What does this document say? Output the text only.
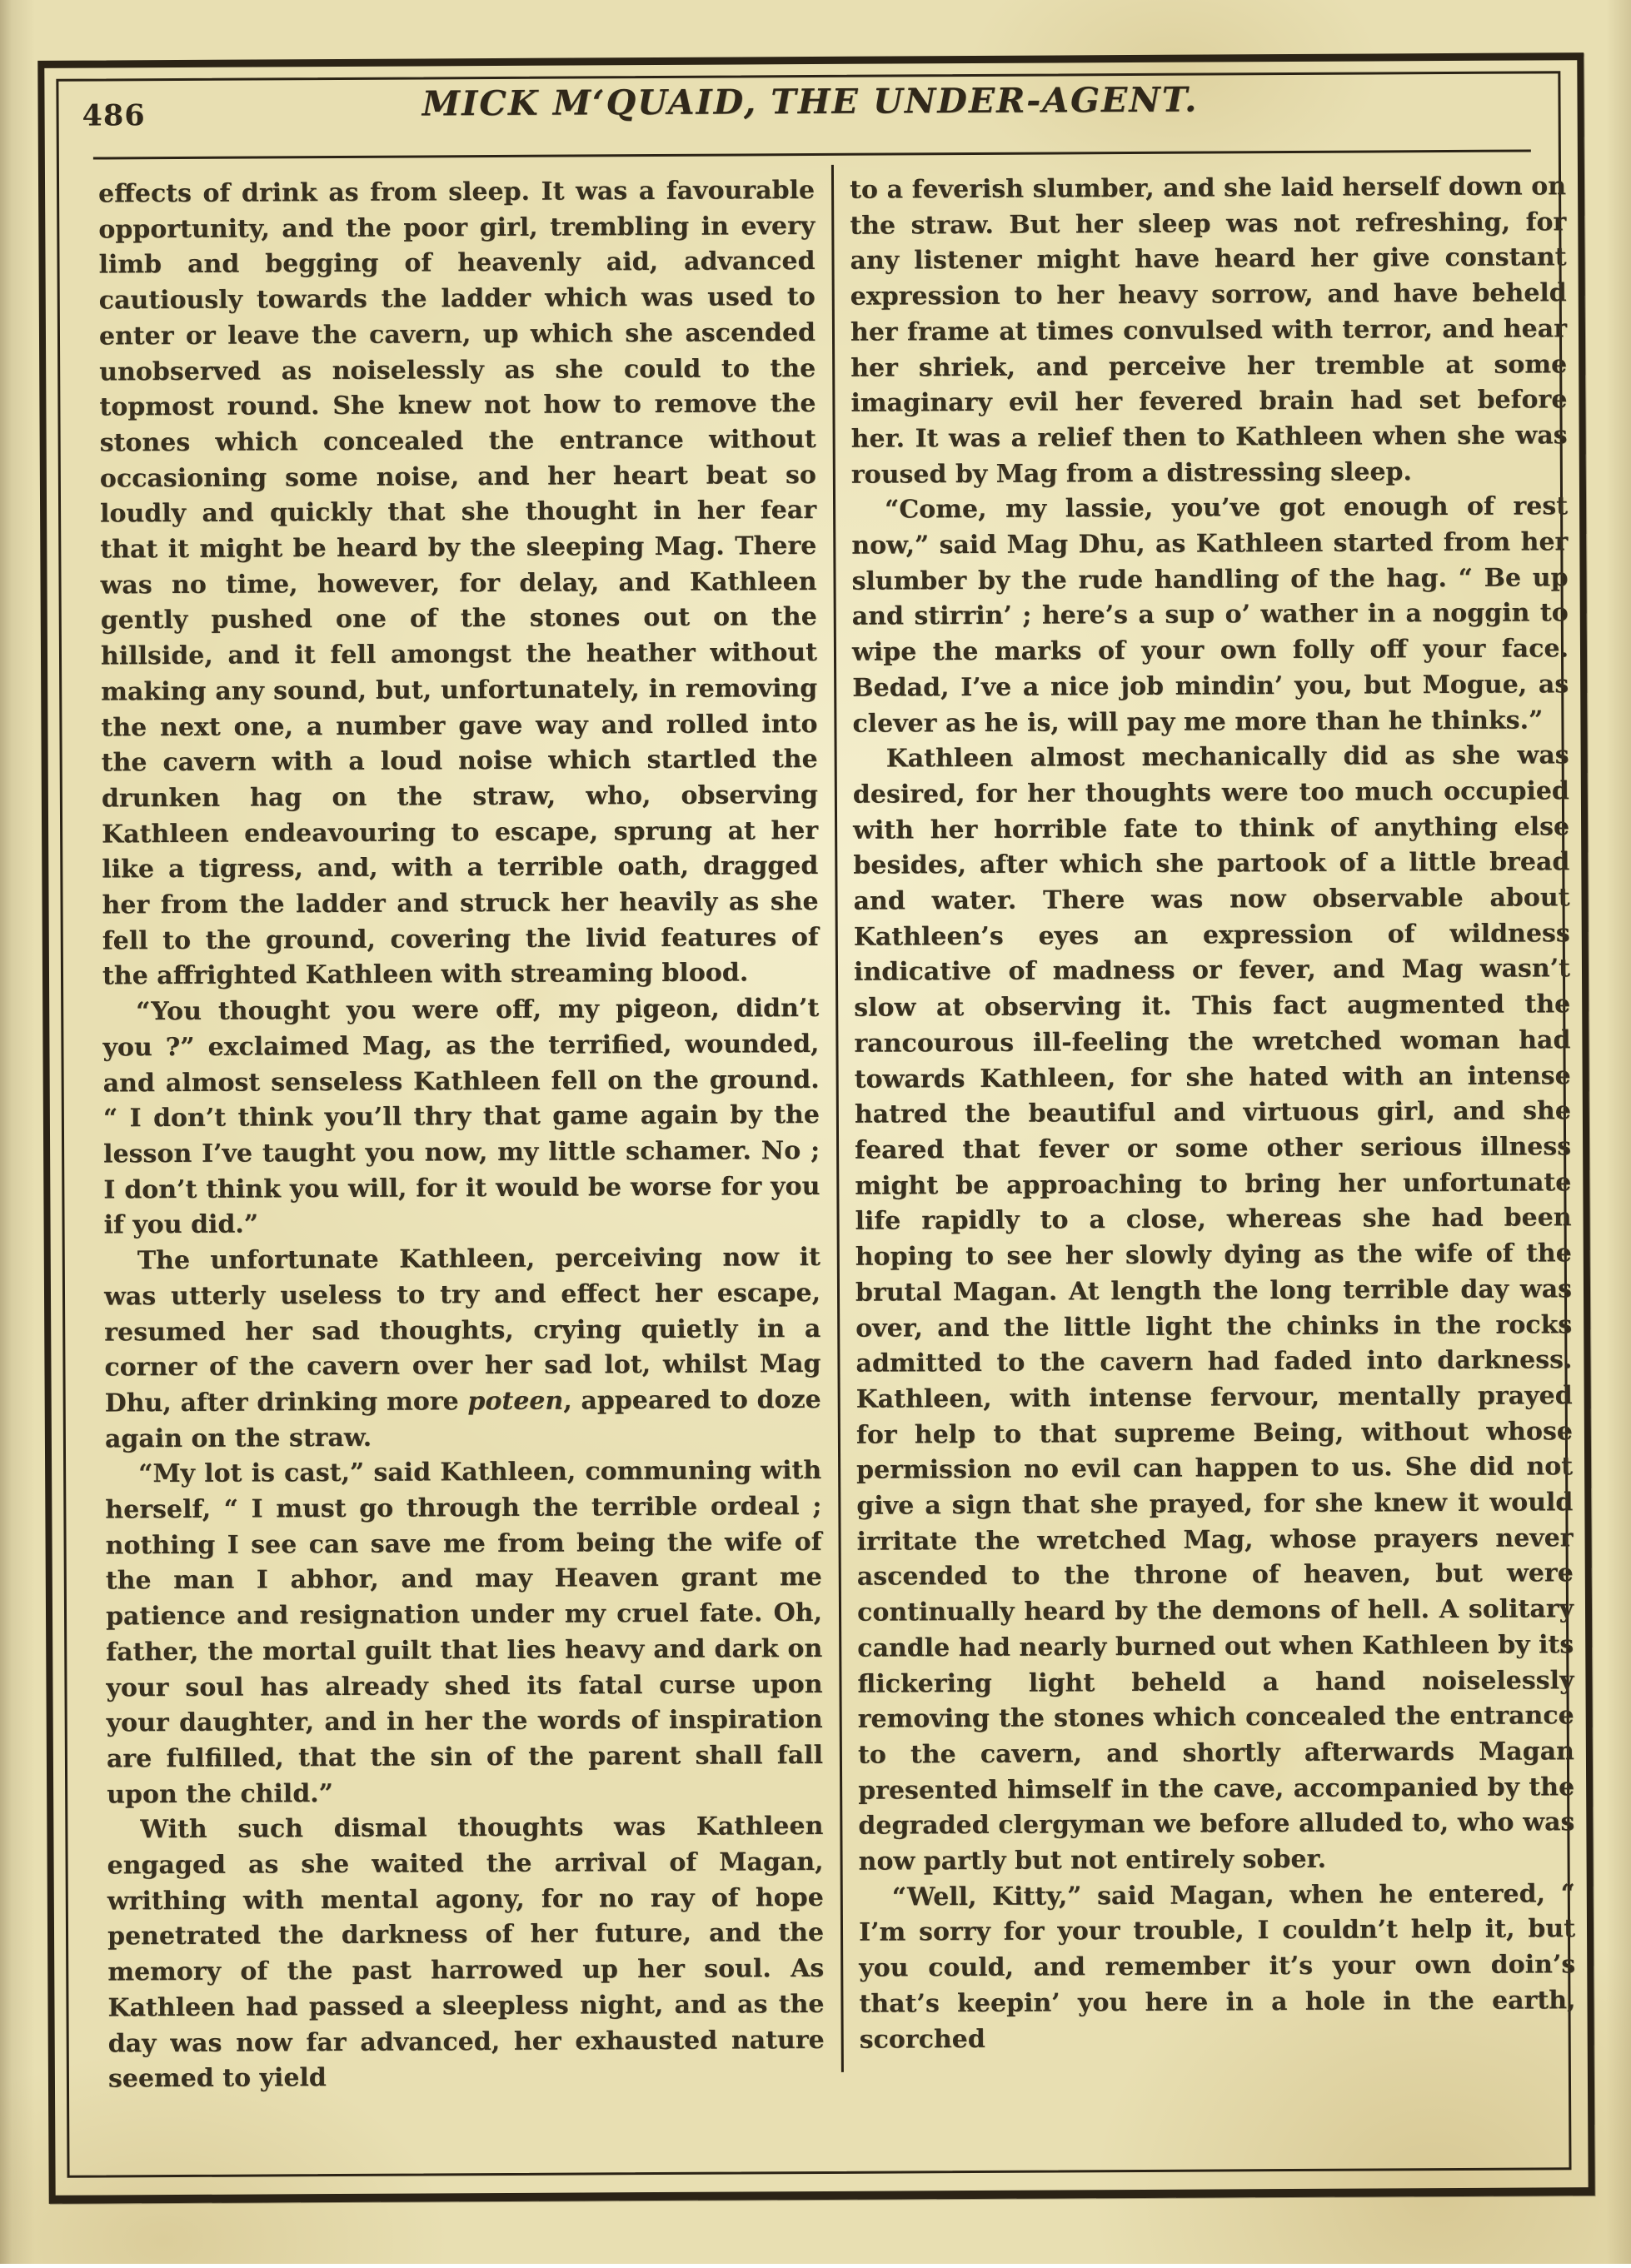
486	MICK M‘QUAID, THE UNDER-AGENT.

effects of drink as from sleep. It was a favourable opportunity, and the poor girl, trembling in every limb and begging of heavenly aid, advanced cautiously towards the ladder which was used to enter or leave the cavern, up which she ascended unobserved as noiselessly as she could to the topmost round. She knew not how to remove the stones which concealed the entrance without occasioning some noise, and her heart beat so loudly and quickly that she thought in her fear that it might be heard by the sleeping Mag. There was no time, however, for delay, and Kathleen gently pushed one of the stones out on the hillside, and it fell amongst the heather without making any sound, but, unfortunately, in removing the next one, a number gave way and rolled into the cavern with a loud noise which startled the drunken hag on the straw, who, observing Kathleen endeavouring to escape, sprung at her like a tigress, and, with a terrible oath, dragged her from the ladder and struck her heavily as she fell to the ground, covering the livid features of the affrighted Kathleen with streaming blood.

“You thought you were off, my pigeon, didn’t you ?” exclaimed Mag, as the terrified, wounded, and almost senseless Kathleen fell on the ground. “ I don’t think you’ll thry that game again by the lesson I’ve taught you now, my little schamer. No ; I don’t think you will, for it would be worse for you if you did.”

The unfortunate Kathleen, perceiving now it was utterly useless to try and effect her escape, resumed her sad thoughts, crying quietly in a corner of the cavern over her sad lot, whilst Mag Dhu, after drinking more poteen, appeared to doze again on the straw.

“My lot is cast,” said Kathleen, communing with herself, “ I must go through the terrible ordeal ; nothing I see can save me from being the wife of the man I abhor, and may Heaven grant me patience and resignation under my cruel fate. Oh, father, the mortal guilt that lies heavy and dark on your soul has already shed its fatal curse upon your daughter, and in her the words of inspiration are fulfilled, that the sin of the parent shall fall upon the child.”

With such dismal thoughts was Kathleen engaged as she waited the arrival of Magan, writhing with mental agony, for no ray of hope penetrated the darkness of her future, and the memory of the past harrowed up her soul. As Kathleen had passed a sleepless night, and as the day was now far advanced, her exhausted nature seemed to yield

to a feverish slumber, and she laid herself down on the straw. But her sleep was not refreshing, for any listener might have heard her give constant expression to her heavy sorrow, and have beheld her frame at times convulsed with terror, and hear her shriek, and perceive her tremble at some imaginary evil her fevered brain had set before her. It was a relief then to Kathleen when she was roused by Mag from a distressing sleep.

“Come, my lassie, you’ve got enough of rest now,” said Mag Dhu, as Kathleen started from her slumber by the rude handling of the hag. “ Be up and stirrin’ ; here’s a sup o’ wather in a noggin to wipe the marks of your own folly off your face. Bedad, I’ve a nice job mindin’ you, but Mogue, as clever as he is, will pay me more than he thinks.”

Kathleen almost mechanically did as she was desired, for her thoughts were too much occupied with her horrible fate to think of anything else besides, after which she partook of a little bread and water. There was now observable about Kathleen’s eyes an expression of wildness indicative of madness or fever, and Mag wasn’t slow at observing it. This fact augmented the rancourous ill-feeling the wretched woman had towards Kathleen, for she hated with an intense hatred the beautiful and virtuous girl, and she feared that fever or some other serious illness might be approaching to bring her unfortunate life rapidly to a close, whereas she had been hoping to see her slowly dying as the wife of the brutal Magan. At length the long terrible day was over, and the little light the chinks in the rocks admitted to the cavern had faded into darkness. Kathleen, with intense fervour, mentally prayed for help to that supreme Being, without whose permission no evil can happen to us. She did not give a sign that she prayed, for she knew it would irritate the wretched Mag, whose prayers never ascended to the throne of heaven, but were continually heard by the demons of hell. A solitary candle had nearly burned out when Kathleen by its flickering light beheld a hand noiselessly removing the stones which concealed the entrance to the cavern, and shortly afterwards Magan presented himself in the cave, accompanied by the degraded clergyman we before alluded to, who was now partly but not entirely sober.

“Well, Kitty,” said Magan, when he entered, “ I’m sorry for your trouble, I couldn’t help it, but you could, and remember it’s your own doin’s that’s keepin’ you here in a hole in the earth, scorched
